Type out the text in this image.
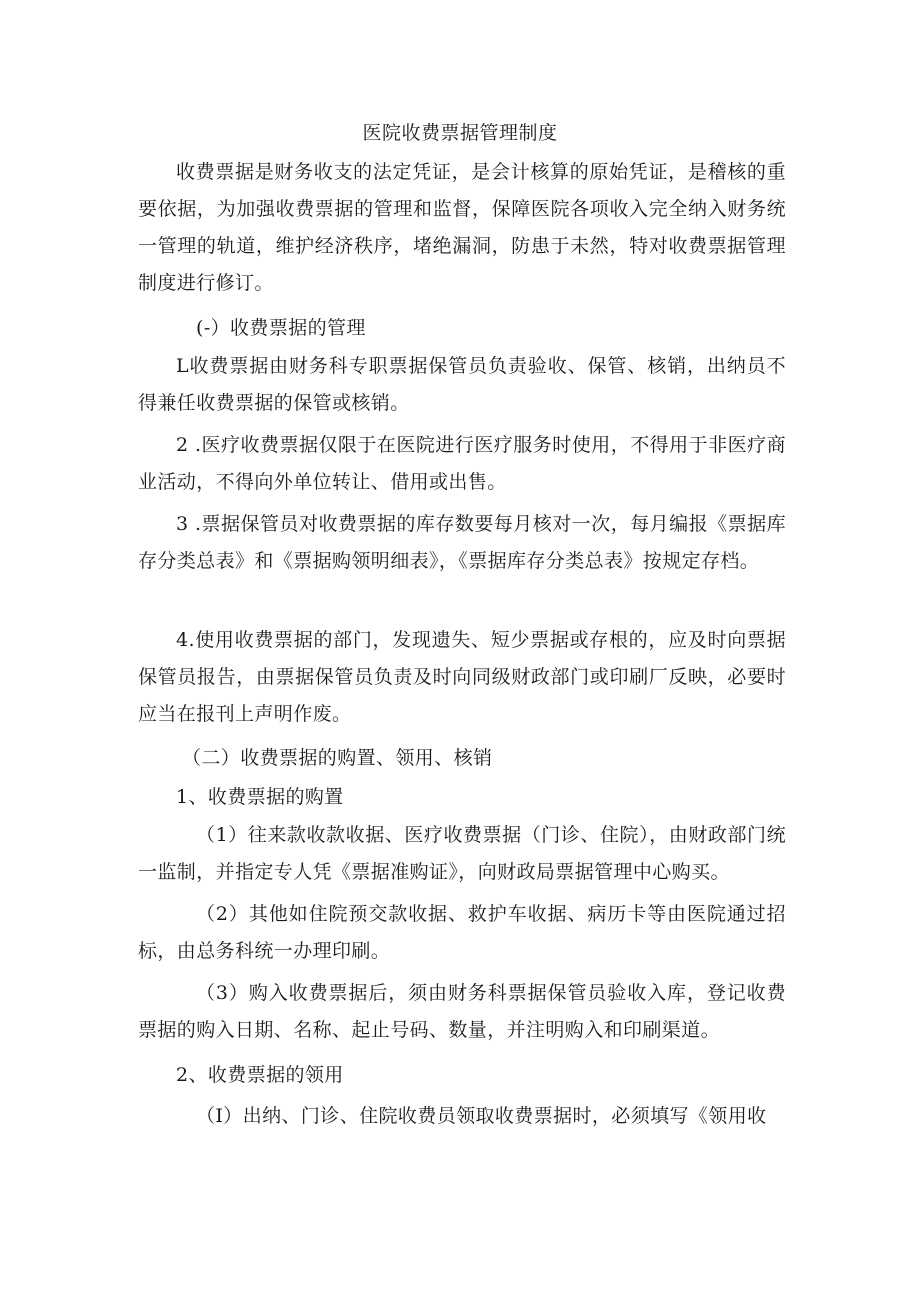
医院收费票据管理制度

收费票据是财务收支的法定凭证，是会计核算的原始凭证，是稽核的重要依据，为加强收费票据的管理和监督，保障医院各项收入完全纳入财务统一管理的轨道，维护经济秩序，堵绝漏洞，防患于未然，特对收费票据管理制度进行修订。

(-）收费票据的管理

L收费票据由财务科专职票据保管员负责验收、保管、核销，出纳员不得兼任收费票据的保管或核销。

2 .医疗收费票据仅限于在医院进行医疗服务时使用，不得用于非医疗商业活动，不得向外单位转让、借用或出售。

3 .票据保管员对收费票据的库存数要每月核对一次，每月编报《票据库存分类总表》和《票据购领明细表》，《票据库存分类总表》按规定存档。

4.使用收费票据的部门，发现遗失、短少票据或存根的，应及时向票据保管员报告，由票据保管员负责及时向同级财政部门或印刷厂反映，必要时应当在报刊上声明作废。

（二）收费票据的购置、领用、核销

1、收费票据的购置

（1）往来款收款收据、医疗收费票据（门诊、住院），由财政部门统一监制，并指定专人凭《票据准购证》，向财政局票据管理中心购买。

（2）其他如住院预交款收据、救护车收据、病历卡等由医院通过招标，由总务科统一办理印刷。

（3）购入收费票据后，须由财务科票据保管员验收入库，登记收费票据的购入日期、名称、起止号码、数量，并注明购入和印刷渠道。

2、收费票据的领用

（I）出纳、门诊、住院收费员领取收费票据时，必须填写《领用收
